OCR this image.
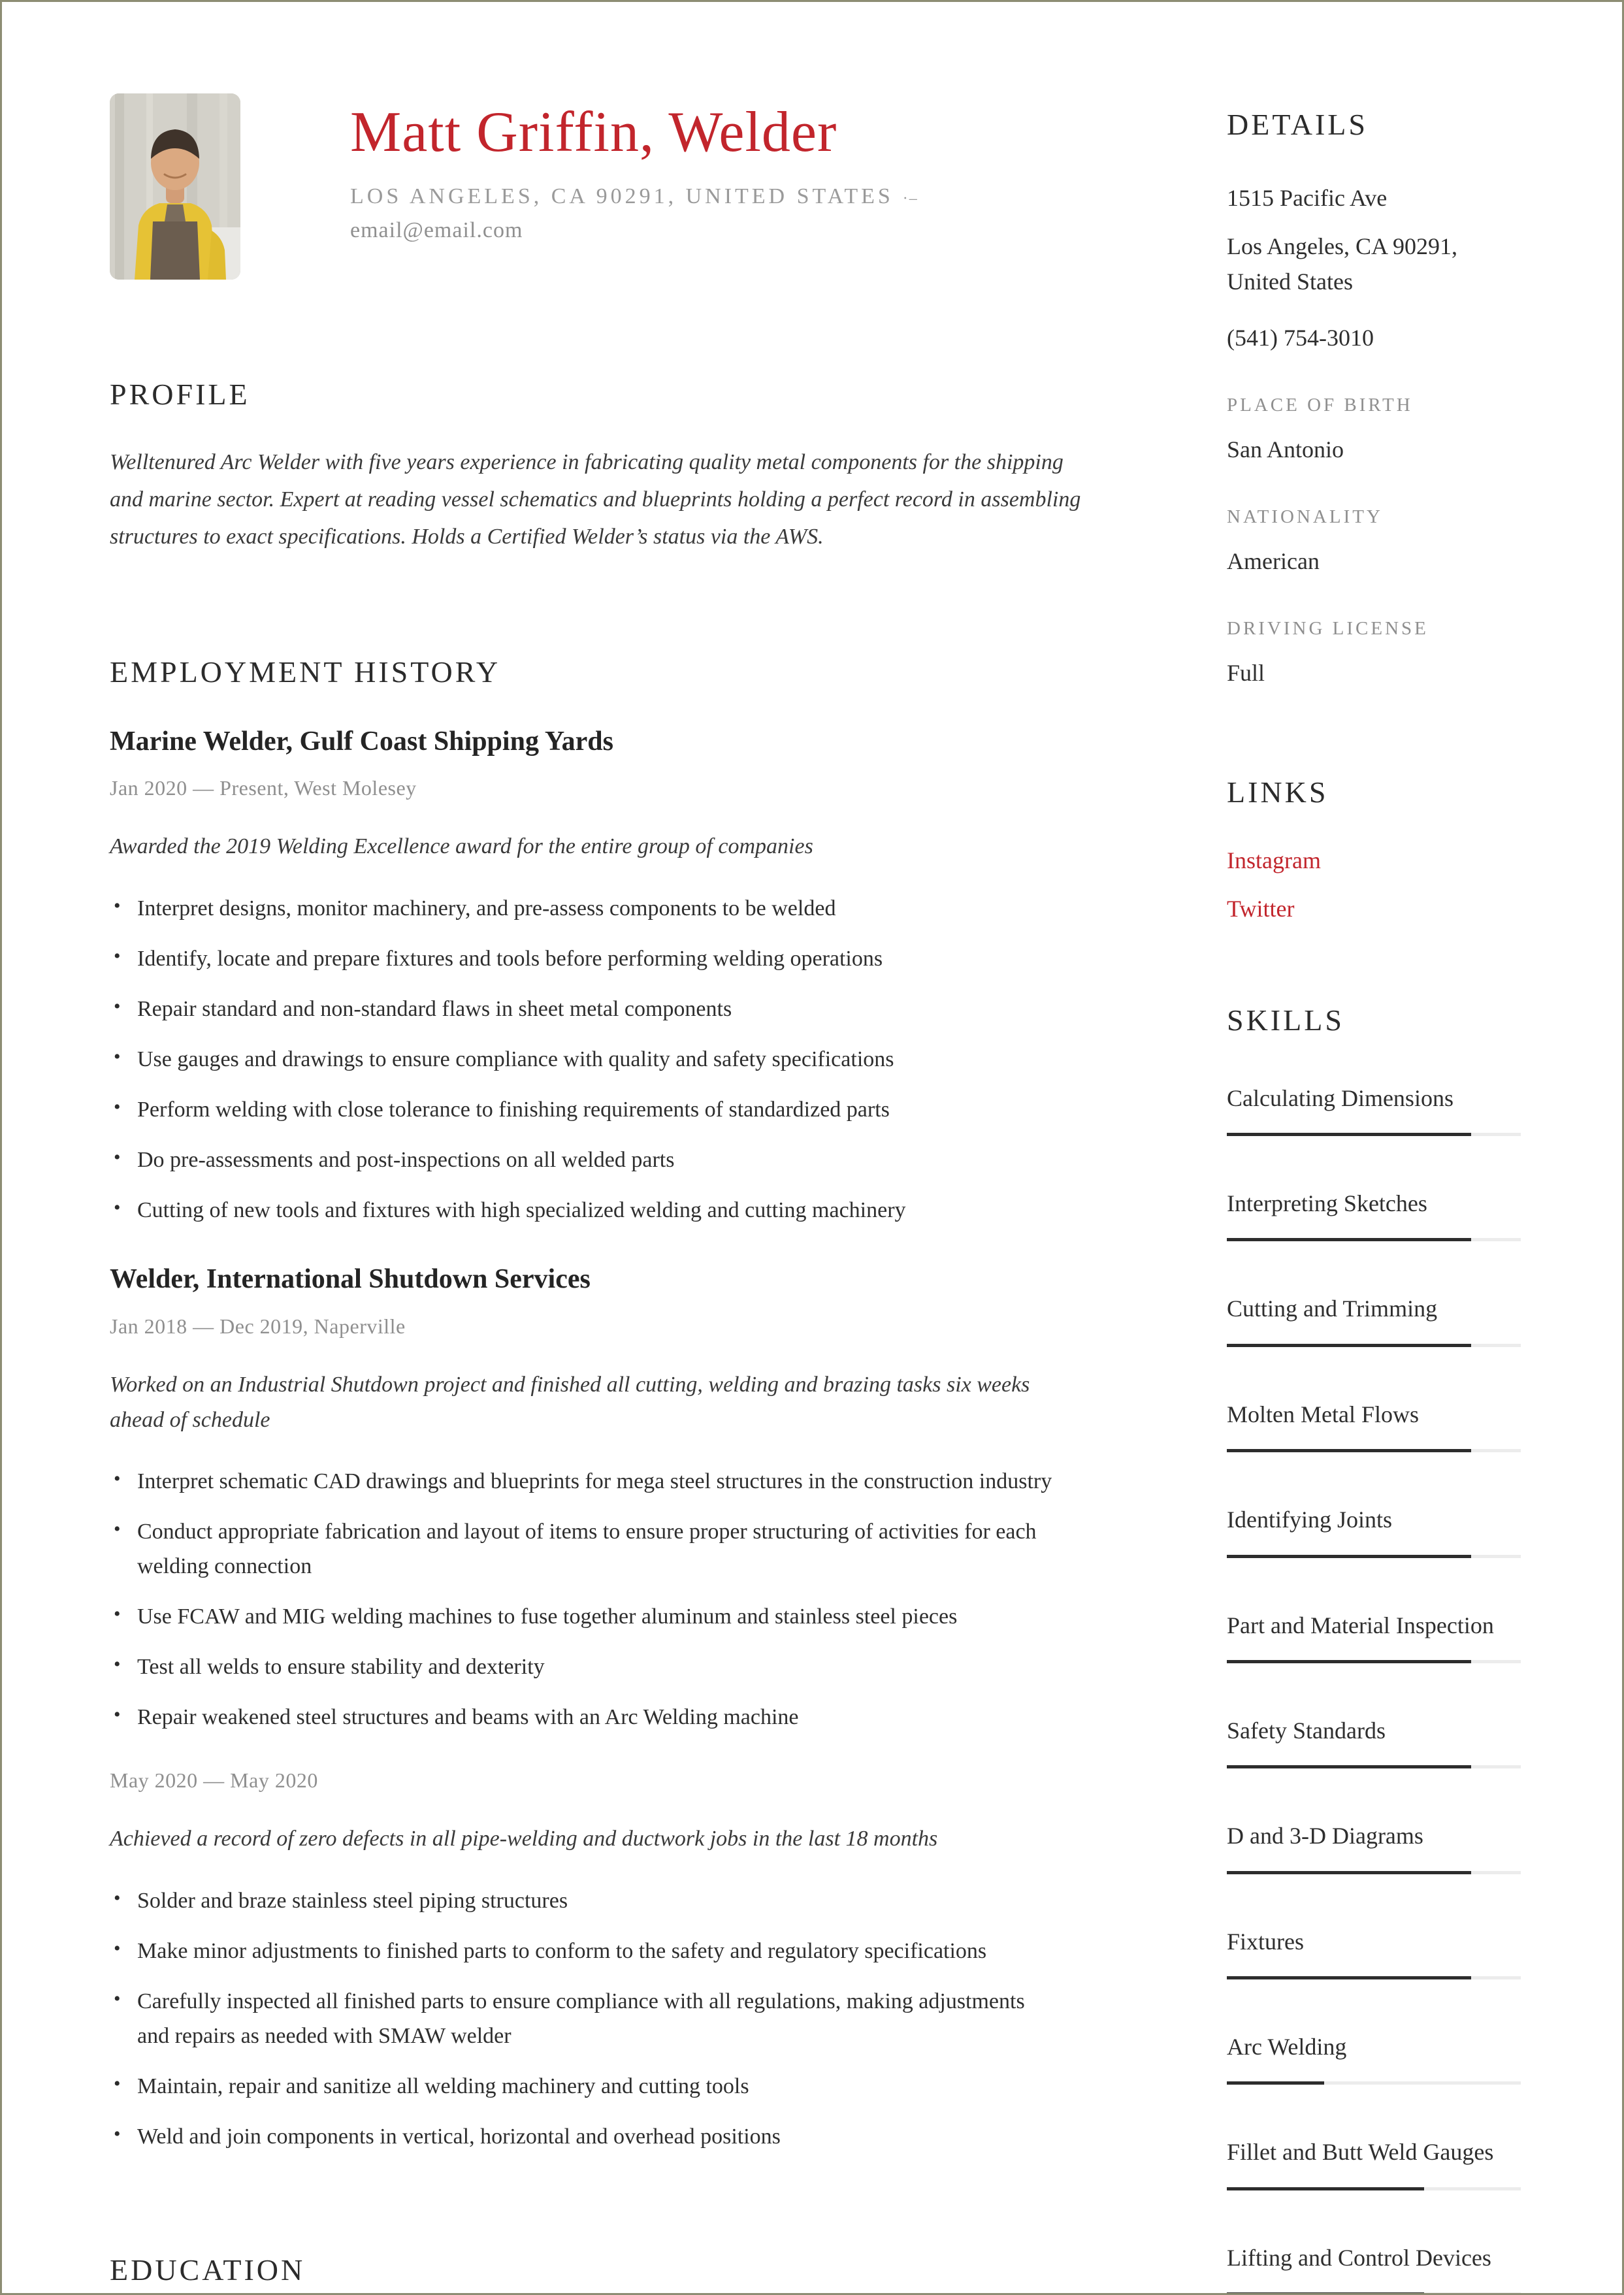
Matt Griffin, Welder
LOS ANGELES, CA 90291, UNITED STATES ·–
email@email.com
PROFILE

Welltenured Arc Welder with five years experience in fabricating quality metal components for the shipping and marine sector. Expert at reading vessel schematics and blueprints holding a perfect record in assembling structures to exact specifications. Holds a Certified Welder’s status via the AWS.

EMPLOYMENT HISTORY
Marine Welder, Gulf Coast Shipping Yards
Jan 2020 — Present, West Molesey
Awarded the 2019 Welding Excellence award for the entire group of companies
• Interpret designs, monitor machinery, and pre-assess components to be welded
• Identify, locate and prepare fixtures and tools before performing welding operations
• Repair standard and non-standard flaws in sheet metal components
• Use gauges and drawings to ensure compliance with quality and safety specifications
• Perform welding with close tolerance to finishing requirements of standardized parts
• Do pre-assessments and post-inspections on all welded parts
• Cutting of new tools and fixtures with high specialized welding and cutting machinery
Welder, International Shutdown Services
Jan 2018 — Dec 2019, Naperville
Worked on an Industrial Shutdown project and finished all cutting, welding and brazing tasks six weeks ahead of schedule
• Interpret schematic CAD drawings and blueprints for mega steel structures in the construction industry
• Conduct appropriate fabrication and layout of items to ensure proper structuring of activities for each welding connection
• Use FCAW and MIG welding machines to fuse together aluminum and stainless steel pieces
• Test all welds to ensure stability and dexterity
• Repair weakened steel structures and beams with an Arc Welding machine
May 2020 — May 2020
Achieved a record of zero defects in all pipe-welding and ductwork jobs in the last 18 months
• Solder and braze stainless steel piping structures
• Make minor adjustments to finished parts to conform to the safety and regulatory specifications
• Carefully inspected all finished parts to ensure compliance with all regulations, making adjustments and repairs as needed with SMAW welder
• Maintain, repair and sanitize all welding machinery and cutting tools
• Weld and join components in vertical, horizontal and overhead positions
EDUCATION
DETAILS
1515 Pacific Ave
Los Angeles, CA 90291, United States
(541) 754-3010
PLACE OF BIRTH
San Antonio
NATIONALITY
American
DRIVING LICENSE
Full
LINKS
Instagram
Twitter
SKILLS
Calculating Dimensions
Interpreting Sketches
Cutting and Trimming
Molten Metal Flows
Identifying Joints
Part and Material Inspection
Safety Standards
D and 3-D Diagrams
Fixtures
Arc Welding
Fillet and Butt Weld Gauges
Lifting and Control Devices
